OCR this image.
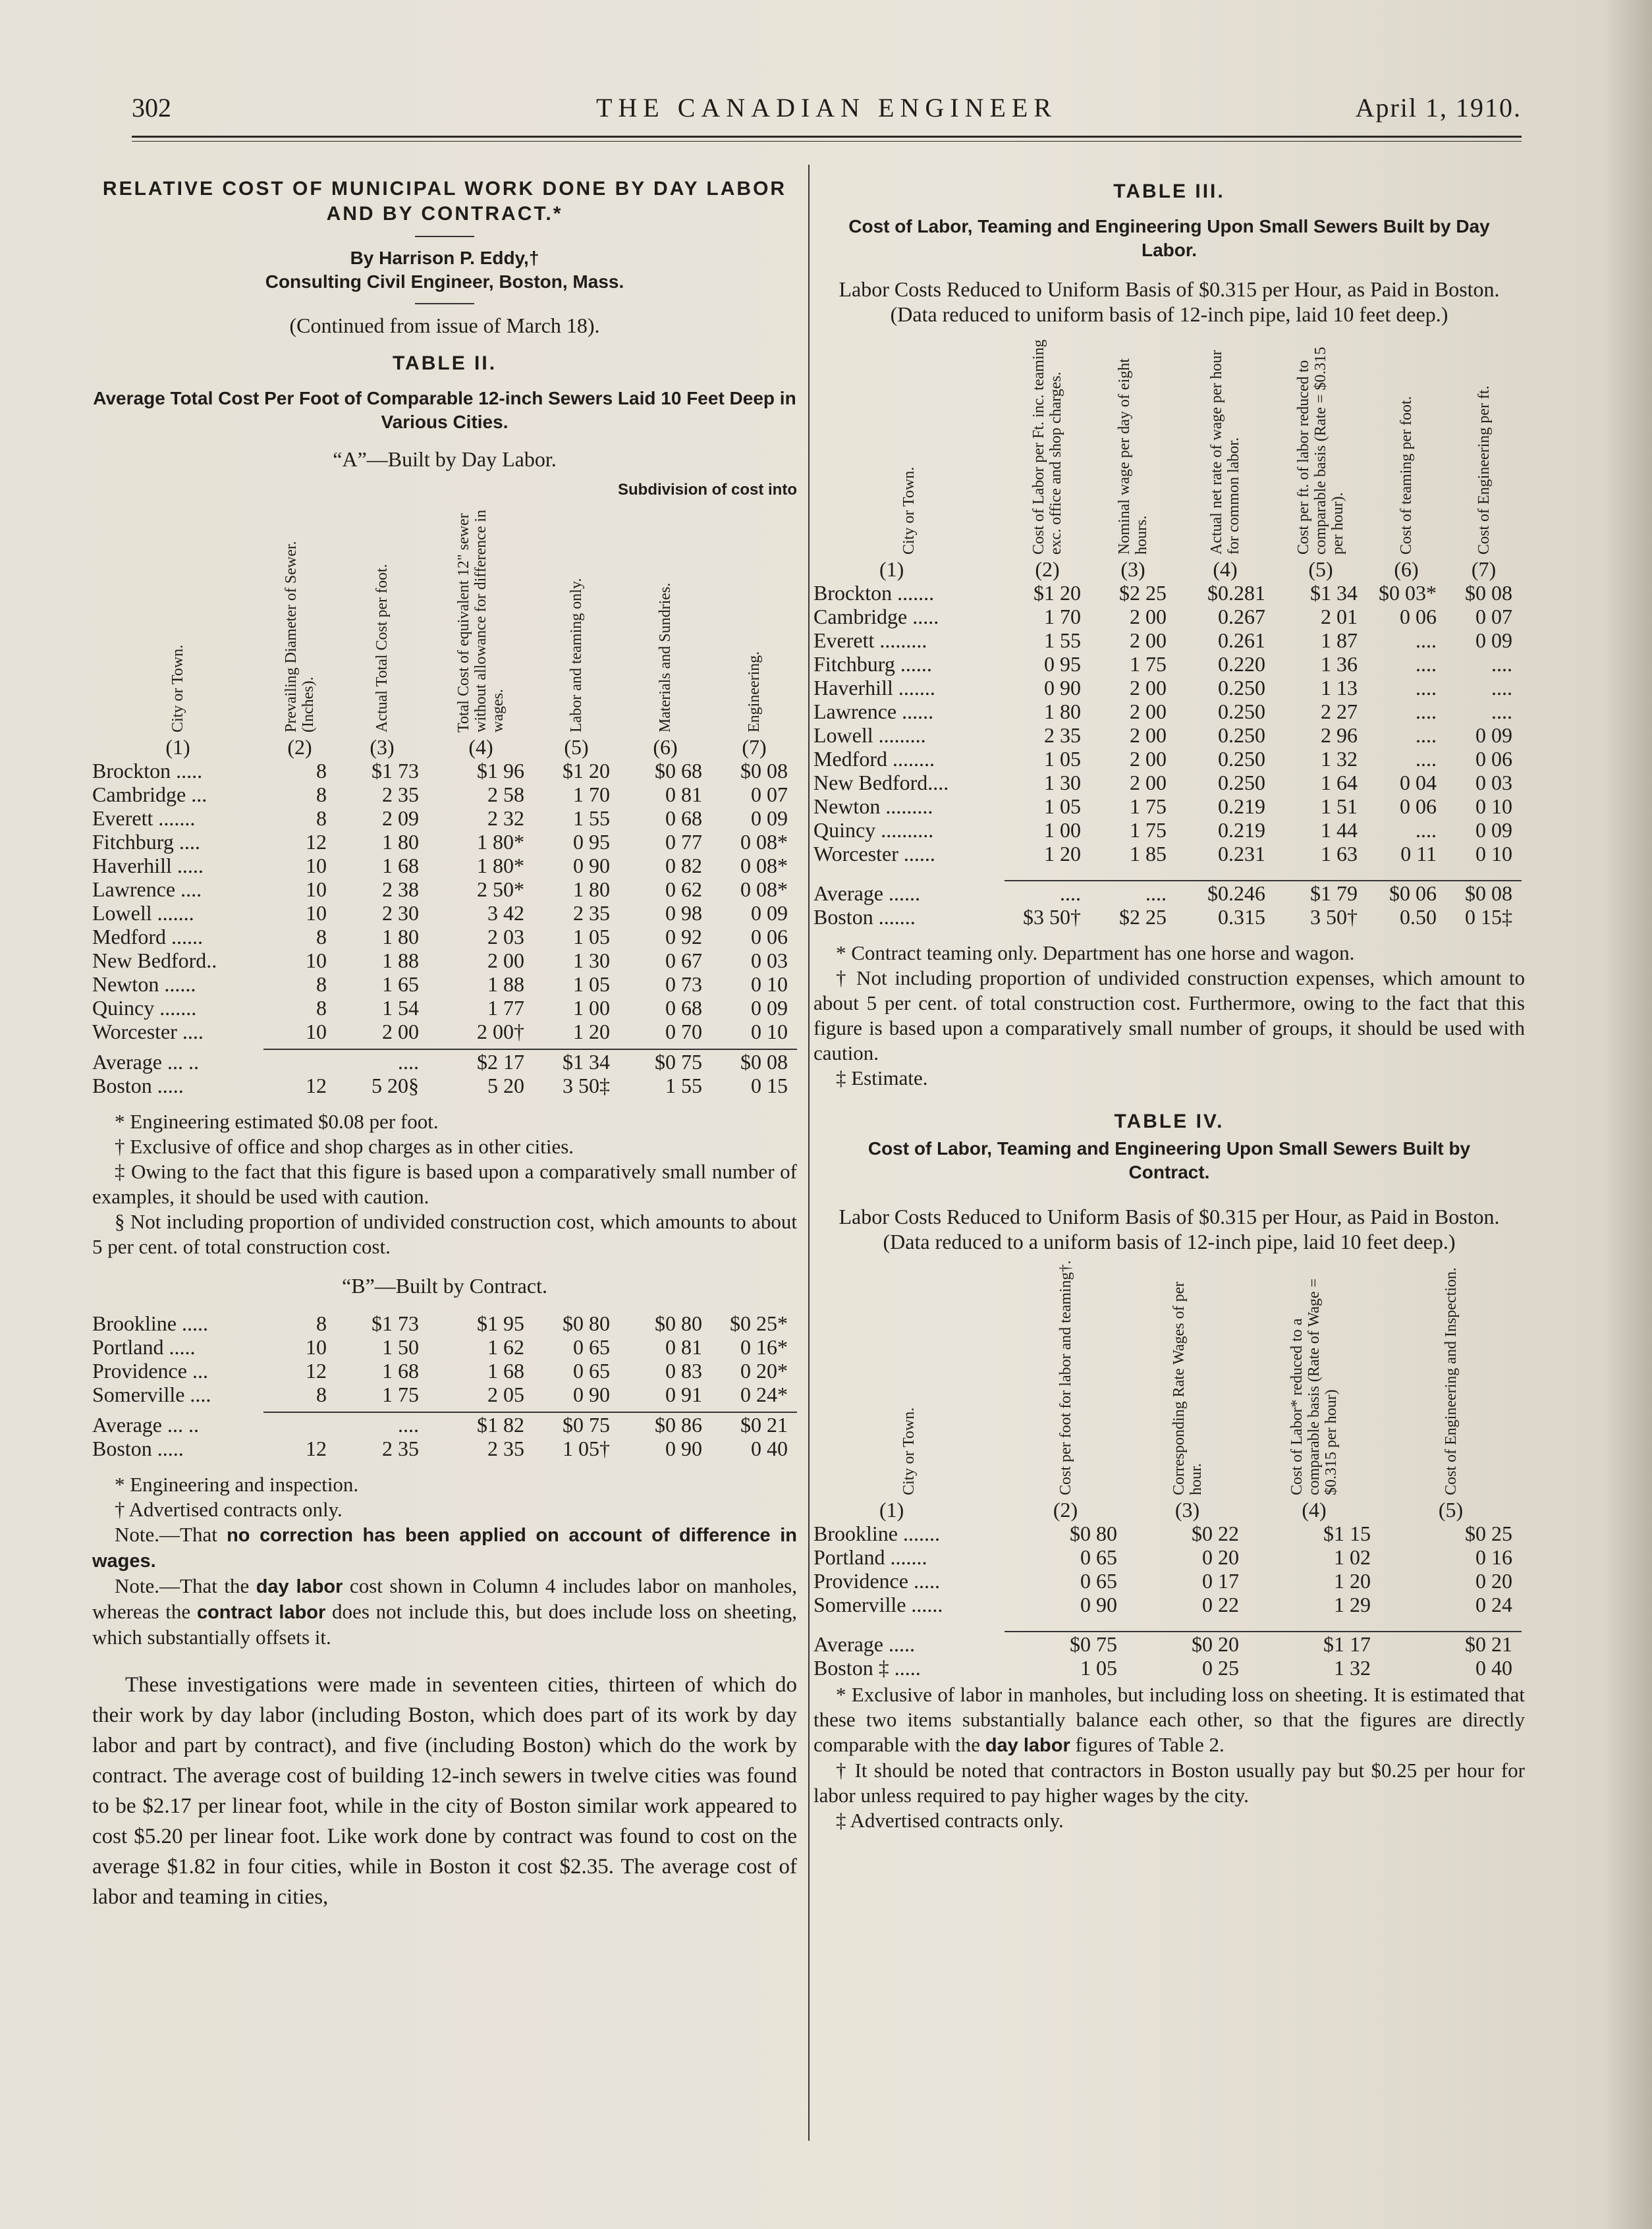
302	THE CANADIAN ENGINEER	April 1, 1910.
RELATIVE COST OF MUNICIPAL WORK DONE BY DAY LABOR AND BY CONTRACT.*
By Harrison P. Eddy,†
Consulting Civil Engineer, Boston, Mass.
(Continued from issue of March 18).
TABLE II.
Average Total Cost Per Foot of Comparable 12-inch Sewers Laid 10 Feet Deep in Various Cities.
“A”—Built by Day Labor.
Subdivision of cost into
City or Town.	Prevailing Diameter of Sewer. (Inches).	Actual Total Cost per foot.	Total Cost of equivalent 12" sewer without allowance for difference in wages.	Labor and teaming only.	Materials and Sundries.	Engineering.

(1)	(2)	(3)	(4)	(5)	(6)	(7)
Brockton .....	8	$1 73	$1 96	$1 20	$0 68	$0 08
Cambridge ...	8	2 35	2 58	1 70	0 81	0 07
Everett .......	8	2 09	2 32	1 55	0 68	0 09
Fitchburg ....	12	1 80	1 80*	0 95	0 77	0 08*
Haverhill .....	10	1 68	1 80*	0 90	0 82	0 08*
Lawrence ....	10	2 38	2 50*	1 80	0 62	0 08*
Lowell .......	10	2 30	3 42	2 35	0 98	0 09
Medford ......	8	1 80	2 03	1 05	0 92	0 06
New Bedford..	10	1 88	2 00	1 30	0 67	0 03
Newton ......	8	1 65	1 88	1 05	0 73	0 10
Quincy .......	8	1 54	1 77	1 00	0 68	0 09
Worcester ....	10	2 00	2 00†	1 20	0 70	0 10
Average ... ..		....	$2 17	$1 34	$0 75	$0 08
Boston .....	12	5 20§	5 20	3 50‡	1 55	0 15

* Engineering estimated $0.08 per foot.

† Exclusive of office and shop charges as in other cities.

‡ Owing to the fact that this figure is based upon a comparatively small number of examples, it should be used with caution.

§ Not including proportion of undivided construction cost, which amounts to about 5 per cent. of total construction cost.

“B”—Built by Contract.
Brookline .....	8	$1 73	$1 95	$0 80	$0 80	$0 25*
Portland .....	10	1 50	1 62	0 65	0 81	0 16*
Providence ...	12	1 68	1 68	0 65	0 83	0 20*
Somerville ....	8	1 75	2 05	0 90	0 91	0 24*
Average ... ..		....	$1 82	$0 75	$0 86	$0 21
Boston .....	12	2 35	2 35	1 05†	0 90	0 40

* Engineering and inspection.

† Advertised contracts only.

Note.—That no correction has been applied on account of difference in wages.

Note.—That the day labor cost shown in Column 4 includes labor on manholes, whereas the contract labor does not include this, but does include loss on sheeting, which substantially offsets it.

These investigations were made in seventeen cities, thirteen of which do their work by day labor (including Boston, which does part of its work by day labor and part by contract), and five (including Boston) which do the work by contract. The average cost of building 12-inch sewers in twelve cities was found to be $2.17 per linear foot, while in the city of Boston similar work appeared to cost $5.20 per linear foot. Like work done by contract was found to cost on the average $1.82 in four cities, while in Boston it cost $2.35. The average cost of labor and teaming in cities,

TABLE III.
Cost of Labor, Teaming and Engineering Upon Small Sewers Built by Day Labor.
Labor Costs Reduced to Uniform Basis of $0.315 per Hour, as Paid in Boston.
(Data reduced to uniform basis of 12-inch pipe, laid 10 feet deep.)
City or Town.	Cost of Labor per Ft. inc. teaming exc. office and shop charges.	Nominal wage per day of eight hours.	Actual net rate of wage per hour for common labor.	Cost per ft. of labor reduced to comparable basis (Rate = $0.315 per hour).	Cost of teaming per foot.	Cost of Engineering per ft.

(1)	(2)	(3)	(4)	(5)	(6)	(7)
Brockton .......	$1 20	$2 25	$0.281	$1 34	$0 03*	$0 08
Cambridge .....	1 70	2 00	0.267	2 01	0 06	0 07
Everett .........	1 55	2 00	0.261	1 87	....	0 09
Fitchburg ......	0 95	1 75	0.220	1 36	....	....
Haverhill .......	0 90	2 00	0.250	1 13	....	....
Lawrence ......	1 80	2 00	0.250	2 27	....	....
Lowell .........	2 35	2 00	0.250	2 96	....	0 09
Medford ........	1 05	2 00	0.250	1 32	....	0 06
New Bedford....	1 30	2 00	0.250	1 64	0 04	0 03
Newton .........	1 05	1 75	0.219	1 51	0 06	0 10
Quincy ..........	1 00	1 75	0.219	1 44	....	0 09
Worcester ......	1 20	1 85	0.231	1 63	0 11	0 10
Average ......	....	....	$0.246	$1 79	$0 06	$0 08
Boston .......	$3 50†	$2 25	0.315	3 50†	0.50	0 15‡

* Contract teaming only. Department has one horse and wagon.

† Not including proportion of undivided construction expenses, which amount to about 5 per cent. of total construction cost. Furthermore, owing to the fact that this figure is based upon a comparatively small number of groups, it should be used with caution.

‡ Estimate.

TABLE IV.
Cost of Labor, Teaming and Engineering Upon Small Sewers Built by Contract.
Labor Costs Reduced to Uniform Basis of $0.315 per Hour, as Paid in Boston.
(Data reduced to a uniform basis of 12-inch pipe, laid 10 feet deep.)
City or Town.	Cost per foot for labor and teaming†.	Corresponding Rate Wages of per hour.	Cost of Labor* reduced to a comparable basis (Rate of Wage = $0.315 per hour)	Cost of Engineering and Inspection.

(1)	(2)	(3)	(4)	(5)
Brookline .......	$0 80	$0 22	$1 15	$0 25
Portland .......	0 65	0 20	1 02	0 16
Providence .....	0 65	0 17	1 20	0 20
Somerville ......	0 90	0 22	1 29	0 24
Average .....	$0 75	$0 20	$1 17	$0 21
Boston ‡ .....	1 05	0 25	1 32	0 40

* Exclusive of labor in manholes, but including loss on sheeting. It is estimated that these two items substantially balance each other, so that the figures are directly comparable with the day labor figures of Table 2.

† It should be noted that contractors in Boston usually pay but $0.25 per hour for labor unless required to pay higher wages by the city.

‡ Advertised contracts only.
